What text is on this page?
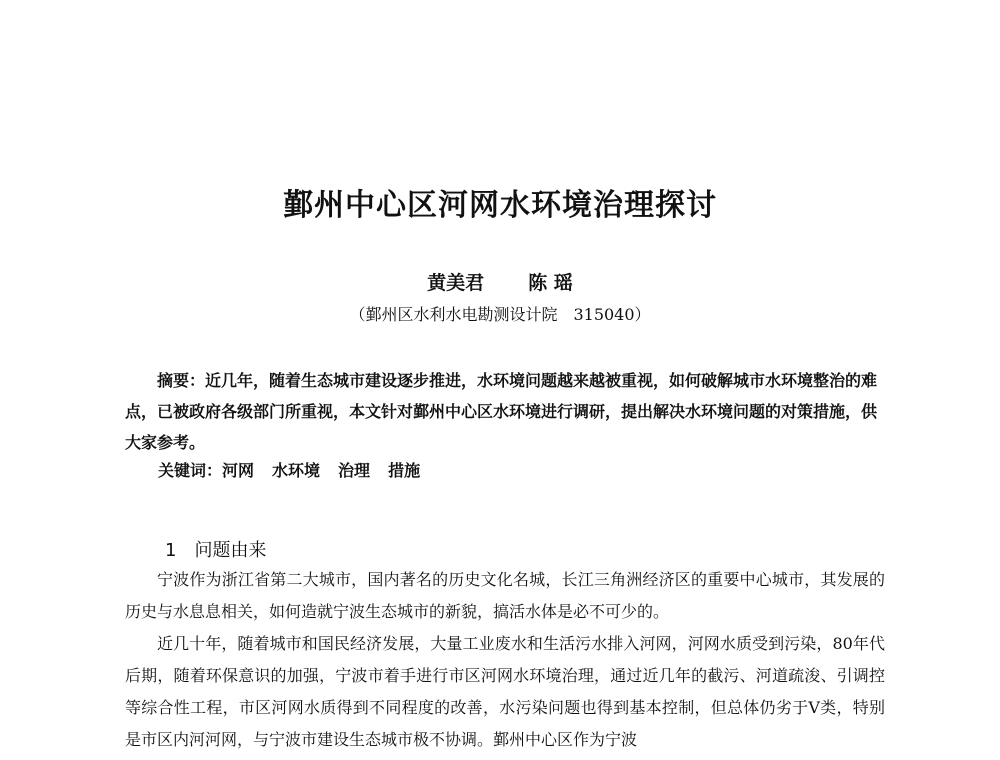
鄞州中心区河网水环境治理探讨
黄美君 陈 瑶
（鄞州区水利水电勘测设计院　315040）
摘要：近几年，随着生态城市建设逐步推进，水环境问题越来越被重视，如何破解城市水环境整治的难点，已被政府各级部门所重视，本文针对鄞州中心区水环境进行调研，提出解决水环境问题的对策措施，供大家参考。
关键词：河网 水环境 治理 措施
1 问题由来

宁波作为浙江省第二大城市，国内著名的历史文化名城，长江三角洲经济区的重要中心城市，其发展的历史与水息息相关，如何造就宁波生态城市的新貌，搞活水体是必不可少的。

近几十年，随着城市和国民经济发展，大量工业废水和生活污水排入河网，河网水质受到污染，80年代后期，随着环保意识的加强，宁波市着手进行市区河网水环境治理，通过近几年的截污、河道疏浚、引调控等综合性工程，市区河网水质得到不同程度的改善，水污染问题也得到基本控制，但总体仍劣于Ⅴ类，特别是市区内河河网，与宁波市建设生态城市极不协调。鄞州中心区作为宁波
